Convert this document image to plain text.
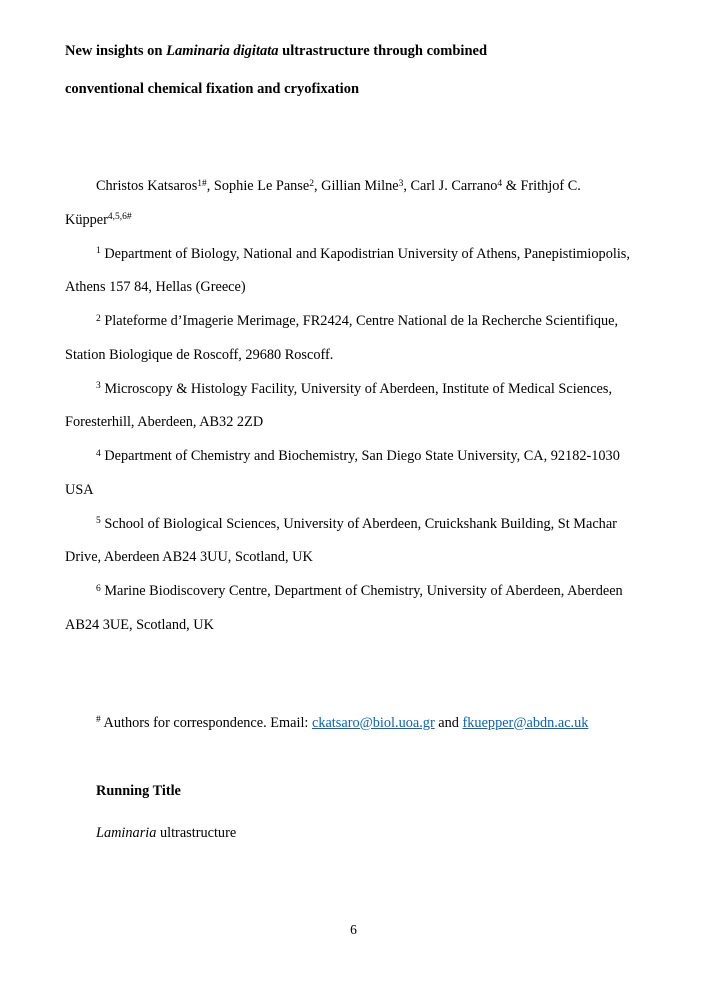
New insights on Laminaria digitata ultrastructure through combined
conventional chemical fixation and cryofixation

Christos Katsaros$^{1\#}$, Sophie Le Panse$^2$, Gillian Milne$^3$, Carl J. Carrano$^4$ & Frithjof C. Küpper$^{4,5,6\#}$

$^1$ Department of Biology, National and Kapodistrian University of Athens, Panepistimiopolis, Athens 157 84, Hellas (Greece)

$^2$ Plateforme d’Imagerie Merimage, FR2424, Centre National de la Recherche Scientifique, Station Biologique de Roscoff, 29680 Roscoff.

$^3$ Microscopy & Histology Facility, University of Aberdeen, Institute of Medical Sciences, Foresterhill, Aberdeen, AB32 2ZD

$^4$ Department of Chemistry and Biochemistry, San Diego State University, CA, 92182-1030 USA

$^5$ School of Biological Sciences, University of Aberdeen, Cruickshank Building, St Machar Drive, Aberdeen AB24 3UU, Scotland, UK

$^6$ Marine Biodiscovery Centre, Department of Chemistry, University of Aberdeen, Aberdeen AB24 3UE, Scotland, UK

# Authors for correspondence. Email: ckatsaro@biol.uoa.gr and fkuepper@abdn.ac.uk

Running Title

Laminaria ultrastructure

6
